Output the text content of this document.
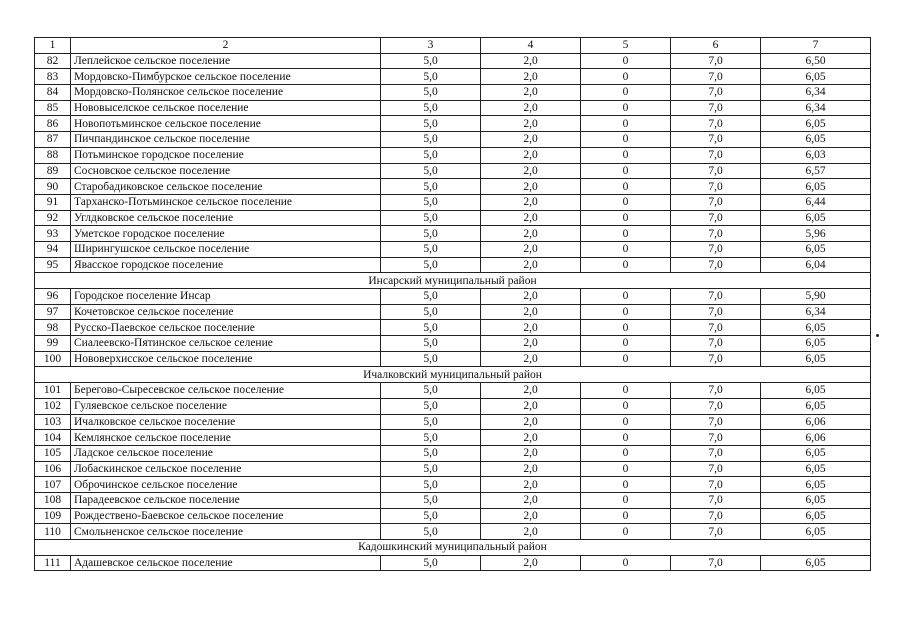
1	2	3	4	5	6	7
82	Леплейское сельское поселение	5,0	2,0	0	7,0	6,50
83	Мордовско-Пимбурское сельское поселение	5,0	2,0	0	7,0	6,05
84	Мордовско-Полянское сельское поселение	5,0	2,0	0	7,0	6,34
85	Нововыселское сельское поселение	5,0	2,0	0	7,0	6,34
86	Новопотьминское сельское поселение	5,0	2,0	0	7,0	6,05
87	Пичпандинское сельское поселение	5,0	2,0	0	7,0	6,05
88	Потьминское городское поселение	5,0	2,0	0	7,0	6,03
89	Сосновское сельское поселение	5,0	2,0	0	7,0	6,57
90	Старобадиковское сельское поселение	5,0	2,0	0	7,0	6,05
91	Тарханско-Потьминское сельское поселение	5,0	2,0	0	7,0	6,44
92	Углдковское сельское поселение	5,0	2,0	0	7,0	6,05
93	Уметское городское поселение	5,0	2,0	0	7,0	5,96
94	Ширингушское сельское поселение	5,0	2,0	0	7,0	6,05
95	Явасское городское поселение	5,0	2,0	0	7,0	6,04
Инсарский муниципальный район						
96	Городское поселение Инсар	5,0	2,0	0	7,0	5,90
97	Кочетовское сельское поселение	5,0	2,0	0	7,0	6,34
98	Русско-Паевское сельское поселение	5,0	2,0	0	7,0	6,05
99	Сиалеевско-Пятинское сельское селение	5,0	2,0	0	7,0	6,05
100	Нововерхисское сельское поселение	5,0	2,0	0	7,0	6,05
Ичалковский муниципальный район						
101	Берегово-Сыресевское сельское поселение	5,0	2,0	0	7,0	6,05
102	Гуляевское сельское поселение	5,0	2,0	0	7,0	6,05
103	Ичалковское сельское поселение	5,0	2,0	0	7,0	6,06
104	Кемлянское сельское поселение	5,0	2,0	0	7,0	6,06
105	Ладское сельское поселение	5,0	2,0	0	7,0	6,05
106	Лобаскинское сельское поселение	5,0	2,0	0	7,0	6,05
107	Оброчинское сельское поселение	5,0	2,0	0	7,0	6,05
108	Парадеевское сельское поселение	5,0	2,0	0	7,0	6,05
109	Рождествено-Баевское сельское поселение	5,0	2,0	0	7,0	6,05
110	Смольненское сельское поселение	5,0	2,0	0	7,0	6,05
Кадошкинский муниципальный район						
111	Адашевское сельское поселение	5,0	2,0	0	7,0	6,05
